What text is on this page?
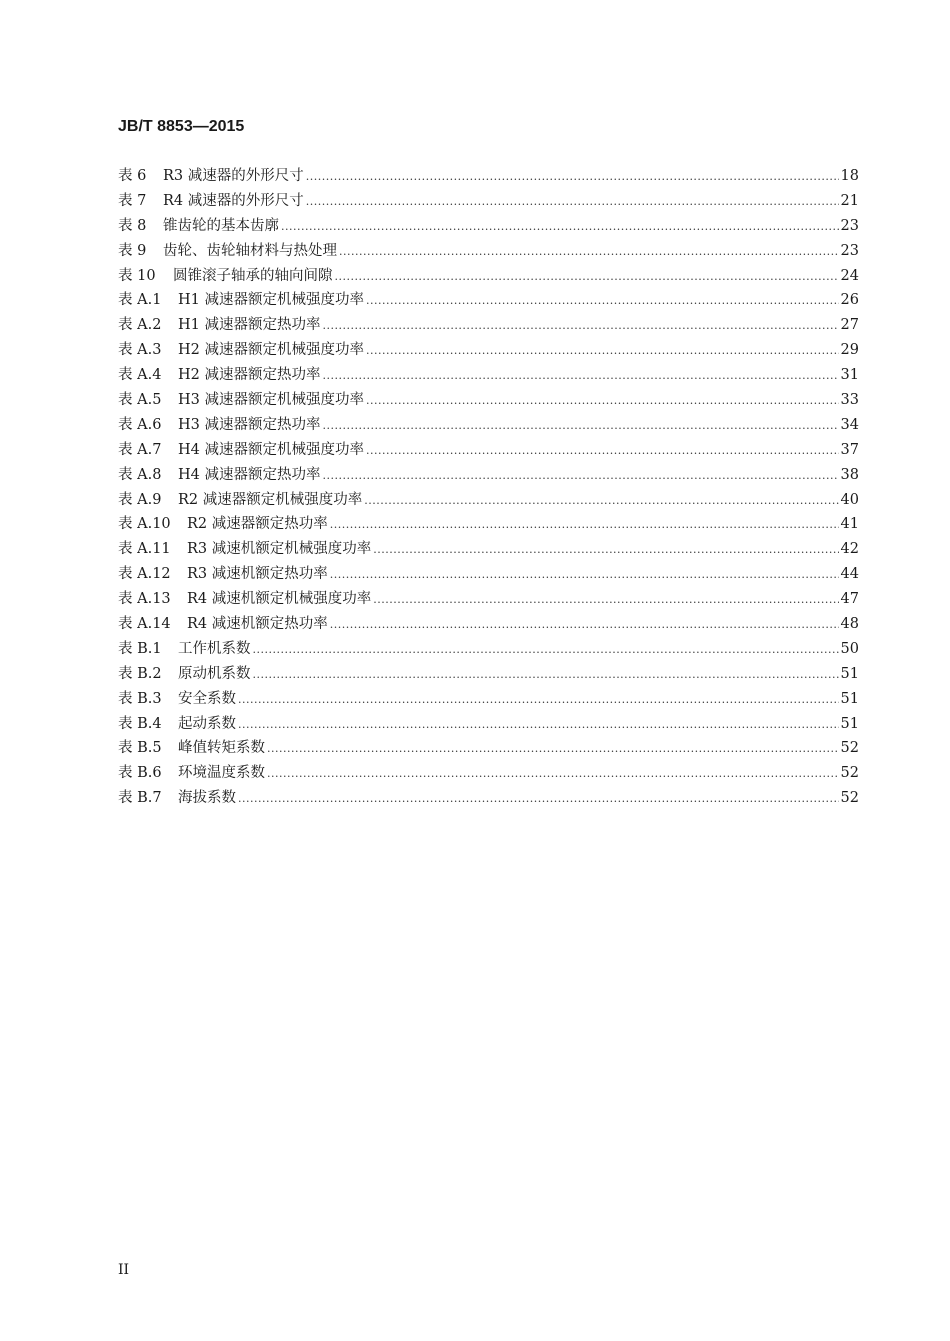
JB/T 8853—2015
表 6	R3 减速器的外形尺寸 .....	18
表 7	R4 减速器的外形尺寸 .....	21
表 8	锥齿轮的基本齿廓 .....	23
表 9	齿轮、齿轮轴材料与热处理 .....	23
表 10	圆锥滚子轴承的轴向间隙 .....	24
表 A.1	H1 减速器额定机械强度功率 .....	26
表 A.2	H1 减速器额定热功率 .....	27
表 A.3	H2 减速器额定机械强度功率 .....	29
表 A.4	H2 减速器额定热功率 .....	31
表 A.5	H3 减速器额定机械强度功率 .....	33
表 A.6	H3 减速器额定热功率 .....	34
表 A.7	H4 减速器额定机械强度功率 .....	37
表 A.8	H4 减速器额定热功率 .....	38
表 A.9	R2 减速器额定机械强度功率 .....	40
表 A.10	R2 减速器额定热功率 .....	41
表 A.11	R3 减速机额定机械强度功率 .....	42
表 A.12	R3 减速机额定热功率 .....	44
表 A.13	R4 减速机额定机械强度功率 .....	47
表 A.14	R4 减速机额定热功率 .....	48
表 B.1	工作机系数 .....	50
表 B.2	原动机系数 .....	51
表 B.3	安全系数 .....	51
表 B.4	起动系数 .....	51
表 B.5	峰值转矩系数 .....	52
表 B.6	环境温度系数 .....	52
表 B.7	海拔系数 .....	52
II
